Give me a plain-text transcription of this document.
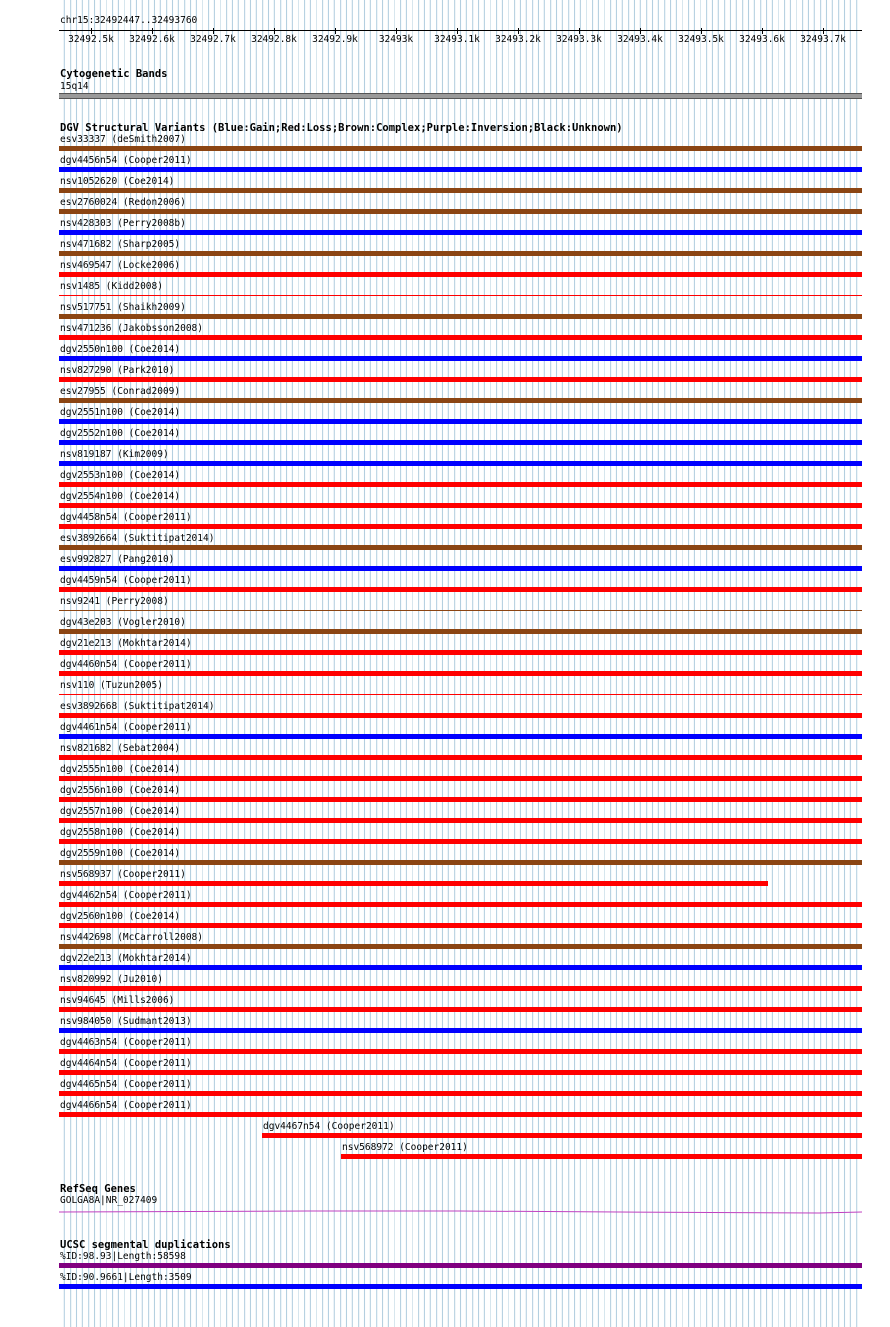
chr15:32492447..32493760
32492.5k 32492.6k 32492.7k 32492.8k 32492.9k 32493k 32493.1k 32493.2k 32493.3k 32493.4k 32493.5k 32493.6k 32493.7k
Cytogenetic Bands
15q14
DGV Structural Variants (Blue:Gain;Red:Loss;Brown:Complex;Purple:Inversion;Black:Unknown)
esv33337 (deSmith2007)
dgv4456n54 (Cooper2011)
nsv1052620 (Coe2014)
esv2760024 (Redon2006)
nsv428303 (Perry2008b)
nsv471682 (Sharp2005)
nsv469547 (Locke2006)
nsv1485 (Kidd2008)
nsv517751 (Shaikh2009)
nsv471236 (Jakobsson2008)
dgv2550n100 (Coe2014)
nsv827290 (Park2010)
esv27955 (Conrad2009)
dgv2551n100 (Coe2014)
dgv2552n100 (Coe2014)
nsv819187 (Kim2009)
dgv2553n100 (Coe2014)
dgv2554n100 (Coe2014)
dgv4458n54 (Cooper2011)
esv3892664 (Suktitipat2014)
esv992827 (Pang2010)
dgv4459n54 (Cooper2011)
nsv9241 (Perry2008)
dgv43e203 (Vogler2010)
dgv21e213 (Mokhtar2014)
dgv4460n54 (Cooper2011)
nsv110 (Tuzun2005)
esv3892668 (Suktitipat2014)
dgv4461n54 (Cooper2011)
nsv821682 (Sebat2004)
dgv2555n100 (Coe2014)
dgv2556n100 (Coe2014)
dgv2557n100 (Coe2014)
dgv2558n100 (Coe2014)
dgv2559n100 (Coe2014)
nsv568937 (Cooper2011)
dgv4462n54 (Cooper2011)
dgv2560n100 (Coe2014)
nsv442698 (McCarroll2008)
dgv22e213 (Mokhtar2014)
nsv820992 (Ju2010)
nsv94645 (Mills2006)
nsv984050 (Sudmant2013)
dgv4463n54 (Cooper2011)
dgv4464n54 (Cooper2011)
dgv4465n54 (Cooper2011)
dgv4466n54 (Cooper2011)
dgv4467n54 (Cooper2011)
nsv568972 (Cooper2011)
RefSeq Genes
GOLGA8A|NR_027409
UCSC segmental duplications
%ID:98.93|Length:58598
%ID:90.9661|Length:3509
